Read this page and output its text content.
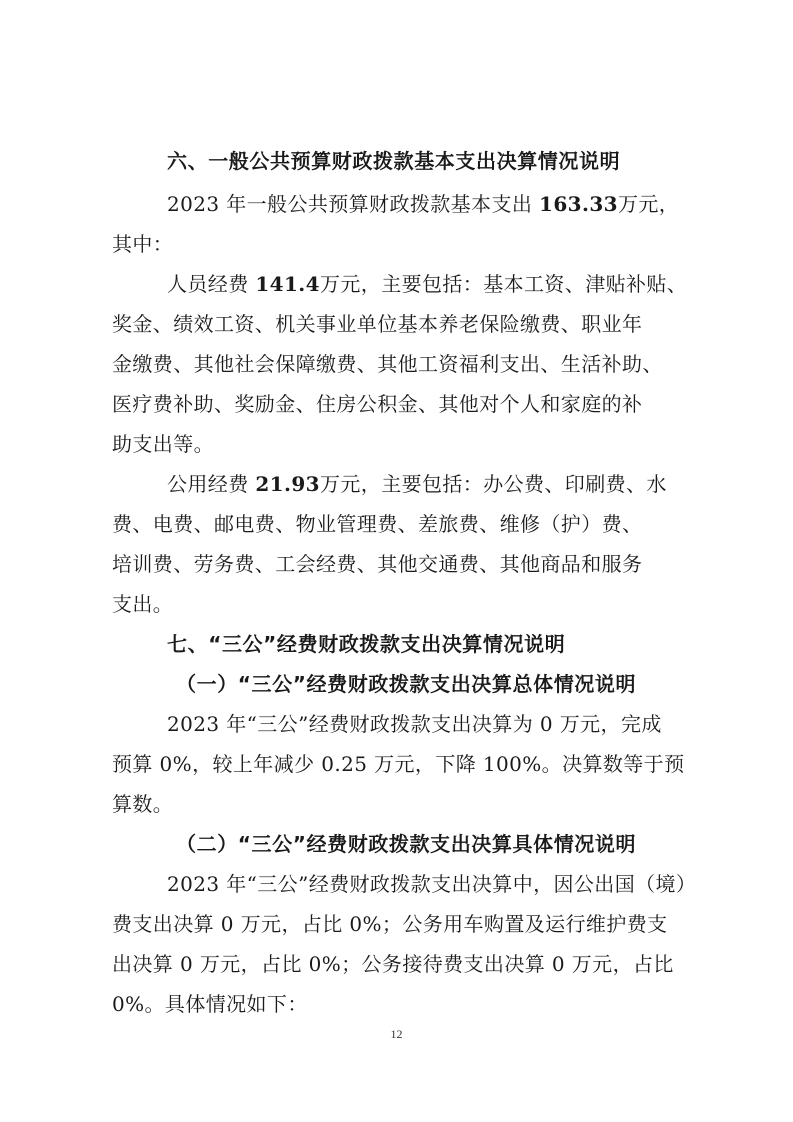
六、一般公共预算财政拨款基本支出决算情况说明
2023 年一般公共预算财政拨款基本支出 163.33万元，
其中：
人员经费 141.4万元，主要包括：基本工资、津贴补贴、
奖金、绩效工资、机关事业单位基本养老保险缴费、职业年
金缴费、其他社会保障缴费、其他工资福利支出、生活补助、
医疗费补助、奖励金、住房公积金、其他对个人和家庭的补
助支出等。
公用经费 21.93万元，主要包括：办公费、印刷费、水
费、电费、邮电费、物业管理费、差旅费、维修（护）费、
培训费、劳务费、工会经费、其他交通费、其他商品和服务
支出。
七、“三公”经费财政拨款支出决算情况说明
（一）“三公”经费财政拨款支出决算总体情况说明
2023 年“三公”经费财政拨款支出决算为 0 万元，完成
预算 0%，较上年减少 0.25 万元，下降 100%。决算数等于预
算数。
（二）“三公”经费财政拨款支出决算具体情况说明
2023 年“三公”经费财政拨款支出决算中，因公出国（境）
费支出决算 0 万元，占比 0%；公务用车购置及运行维护费支
出决算 0 万元，占比 0%；公务接待费支出决算 0 万元，占比
0%。具体情况如下：
12
